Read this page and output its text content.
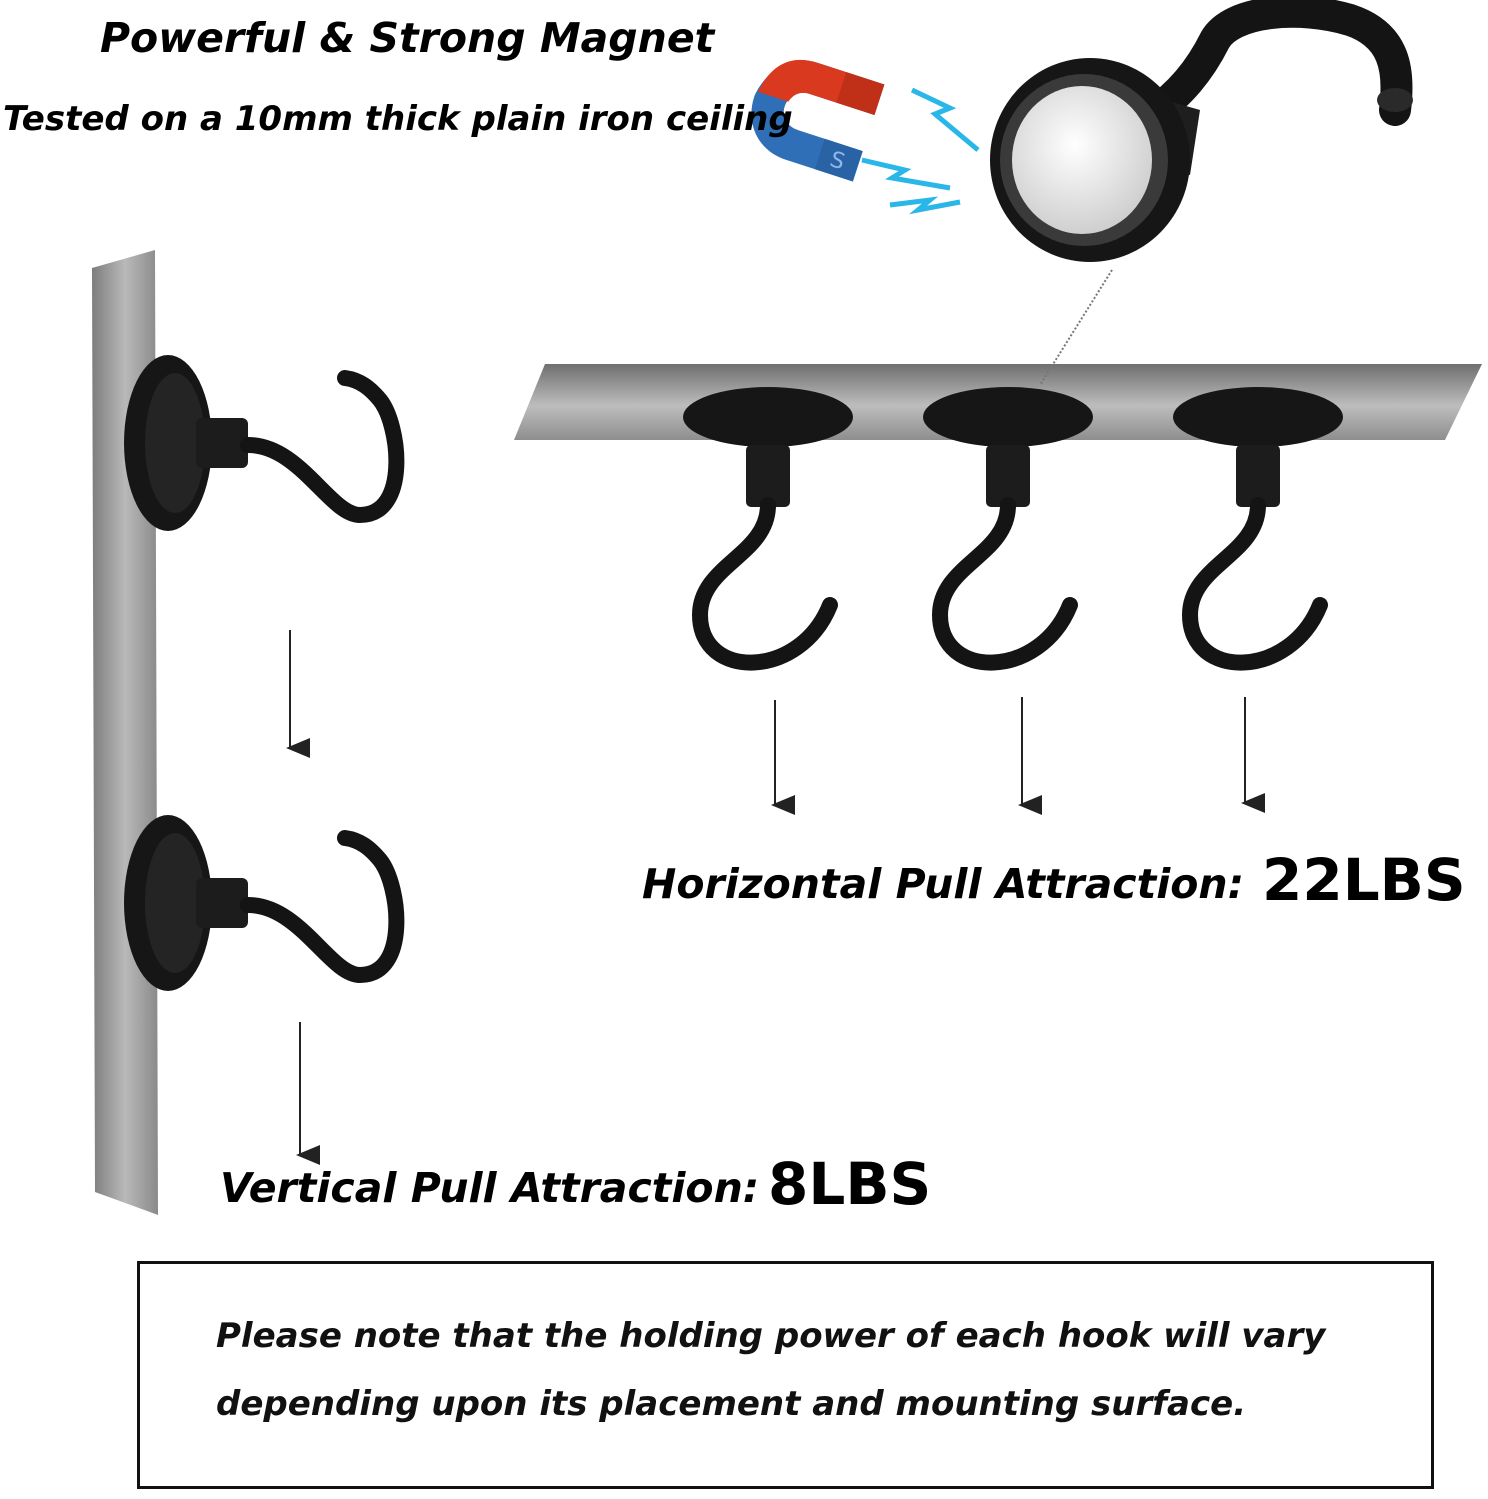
S
Powerful & Strong Magnet
Tested on a 10mm thick plain iron ceiling
Horizontal Pull Attraction: 22LBS
Vertical Pull Attraction: 8LBS
Please note that the holding power of each hook will vary
depending upon its placement and mounting surface.
